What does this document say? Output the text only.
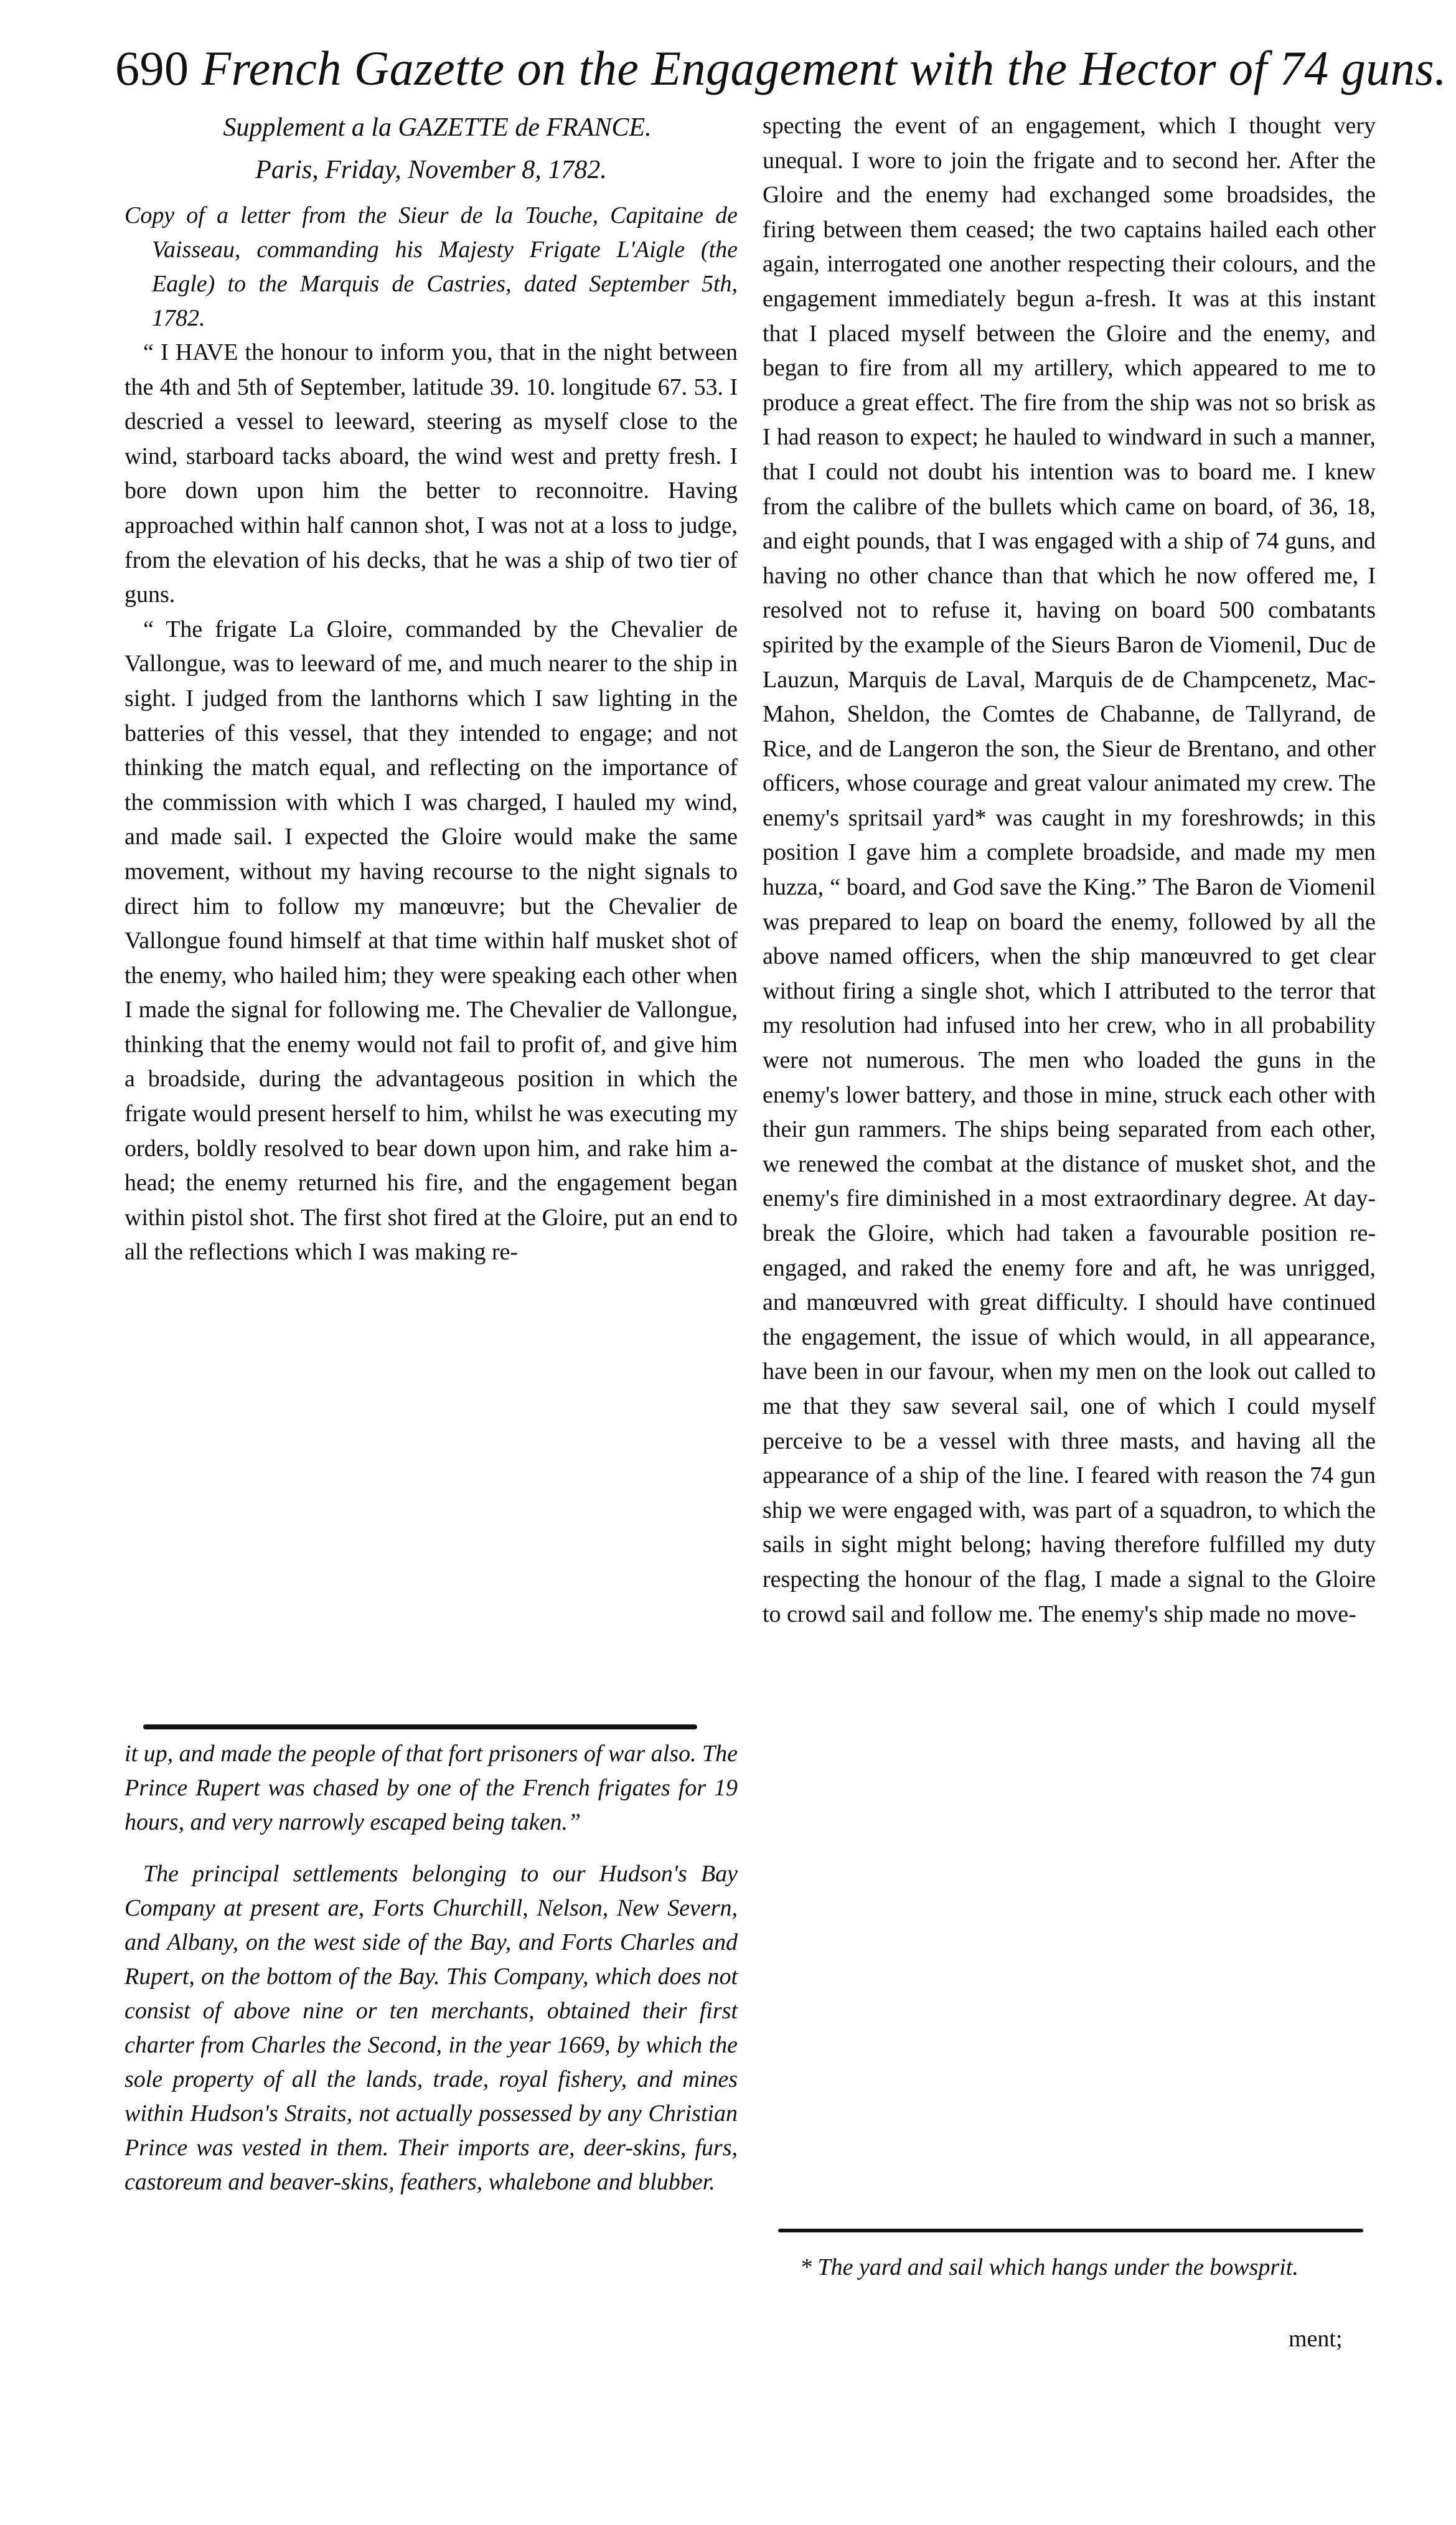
690 French Gazette on the Engagement with the Hector of 74 guns.

Supplement a la GAZETTE de FRANCE.

Paris, Friday, November 8, 1782.

Copy of a letter from the Sieur de la Touche, Capitaine de Vaisseau, commanding his Majesty Frigate L'Aigle (the Eagle) to the Marquis de Castries, dated September 5th, 1782.

“ I HAVE the honour to inform you, that in the night between the 4th and 5th of September, latitude 39. 10. longitude 67. 53. I descried a vessel to leeward, steering as myself close to the wind, starboard tacks aboard, the wind west and pretty fresh. I bore down upon him the better to reconnoitre. Having approached within half cannon shot, I was not at a loss to judge, from the elevation of his decks, that he was a ship of two tier of guns.

“ The frigate La Gloire, commanded by the Chevalier de Vallongue, was to leeward of me, and much nearer to the ship in sight. I judged from the lanthorns which I saw lighting in the batteries of this vessel, that they intended to engage; and not thinking the match equal, and reflecting on the importance of the commission with which I was charged, I hauled my wind, and made sail. I expected the Gloire would make the same movement, without my having recourse to the night signals to direct him to follow my manœuvre; but the Chevalier de Vallongue found himself at that time within half musket shot of the enemy, who hailed him; they were speaking each other when I made the signal for following me. The Chevalier de Vallongue, thinking that the enemy would not fail to profit of, and give him a broadside, during the advantageous position in which the frigate would present herself to him, whilst he was executing my orders, boldly resolved to bear down upon him, and rake him a-head; the enemy returned his fire, and the engagement began within pistol shot. The first shot fired at the Gloire, put an end to all the reflections which I was making re-

it up, and made the people of that fort prisoners of war also. The Prince Rupert was chased by one of the French frigates for 19 hours, and very narrowly escaped being taken.”

The principal settlements belonging to our Hudson's Bay Company at present are, Forts Churchill, Nelson, New Severn, and Albany, on the west side of the Bay, and Forts Charles and Rupert, on the bottom of the Bay. This Company, which does not consist of above nine or ten merchants, obtained their first charter from Charles the Second, in the year 1669, by which the sole property of all the lands, trade, royal fishery, and mines within Hudson's Straits, not actually possessed by any Christian Prince was vested in them. Their imports are, deer-skins, furs, castoreum and beaver-skins, feathers, whalebone and blubber.

specting the event of an engagement, which I thought very unequal. I wore to join the frigate and to second her. After the Gloire and the enemy had exchanged some broadsides, the firing between them ceased; the two captains hailed each other again, interrogated one another respecting their colours, and the engagement immediately begun a-fresh. It was at this instant that I placed myself between the Gloire and the enemy, and began to fire from all my artillery, which appeared to me to produce a great effect. The fire from the ship was not so brisk as I had reason to expect; he hauled to windward in such a manner, that I could not doubt his intention was to board me. I knew from the calibre of the bullets which came on board, of 36, 18, and eight pounds, that I was engaged with a ship of 74 guns, and having no other chance than that which he now offered me, I resolved not to refuse it, having on board 500 combatants spirited by the example of the Sieurs Baron de Viomenil, Duc de Lauzun, Marquis de Laval, Marquis de de Champcenetz, Mac-Mahon, Sheldon, the Comtes de Chabanne, de Tallyrand, de Rice, and de Langeron the son, the Sieur de Brentano, and other officers, whose courage and great valour animated my crew. The enemy's spritsail yard* was caught in my foreshrowds; in this position I gave him a complete broadside, and made my men huzza, “ board, and God save the King.” The Baron de Viomenil was prepared to leap on board the enemy, followed by all the above named officers, when the ship manœuvred to get clear without firing a single shot, which I attributed to the terror that my resolution had infused into her crew, who in all probability were not numerous. The men who loaded the guns in the enemy's lower battery, and those in mine, struck each other with their gun rammers. The ships being separated from each other, we renewed the combat at the distance of musket shot, and the enemy's fire diminished in a most extraordinary degree. At day-break the Gloire, which had taken a favourable position re-engaged, and raked the enemy fore and aft, he was unrigged, and manœuvred with great difficulty. I should have continued the engagement, the issue of which would, in all appearance, have been in our favour, when my men on the look out called to me that they saw several sail, one of which I could myself perceive to be a vessel with three masts, and having all the appearance of a ship of the line. I feared with reason the 74 gun ship we were engaged with, was part of a squadron, to which the sails in sight might belong; having therefore fulfilled my duty respecting the honour of the flag, I made a signal to the Gloire to crowd sail and follow me. The enemy's ship made no move-

* The yard and sail which hangs under the bowsprit.

ment;
